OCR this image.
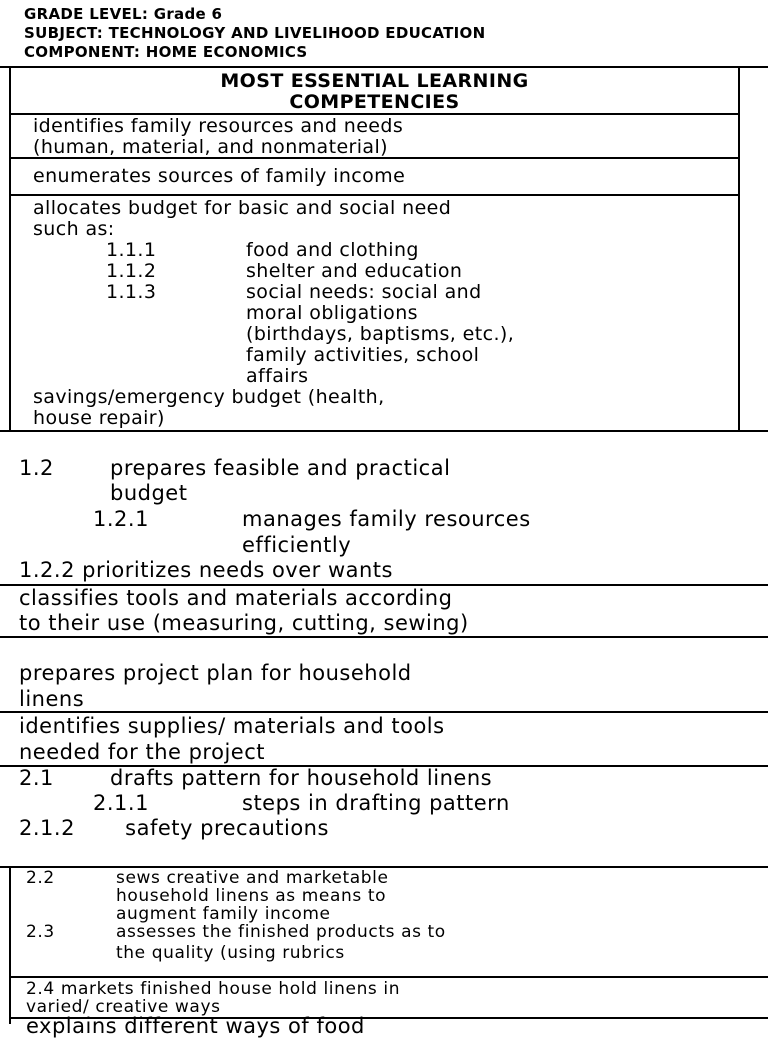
GRADE LEVEL: Grade 6
SUBJECT: TECHNOLOGY AND LIVELIHOOD EDUCATION
COMPONENT: HOME ECONOMICS
MOST ESSENTIAL LEARNING
COMPETENCIES
identifies family resources and needs
(human, material, and nonmaterial)
enumerates sources of family income
allocates budget for basic and social need
such as:
1.1.1	food and clothing
1.1.2	shelter and education
1.1.3	social needs: social and
moral obligations
(birthdays, baptisms, etc.),
family activities, school
affairs
savings/emergency budget (health,
house repair)
1.2	prepares feasible and practical
budget
1.2.1	manages family resources
efficiently
1.2.2 prioritizes needs over wants
classifies tools and materials according
to their use (measuring, cutting, sewing)
prepares project plan for household
linens
identifies supplies/ materials and tools
needed for the project
2.1	drafts pattern for household linens
2.1.1	steps in drafting pattern
2.1.2       safety precautions
2.2	sews creative and marketable
household linens as means to
augment family income
2.3	assesses the finished products as to
the quality (using rubrics
2.4 markets finished house hold linens in
varied/ creative ways
explains different ways of food
